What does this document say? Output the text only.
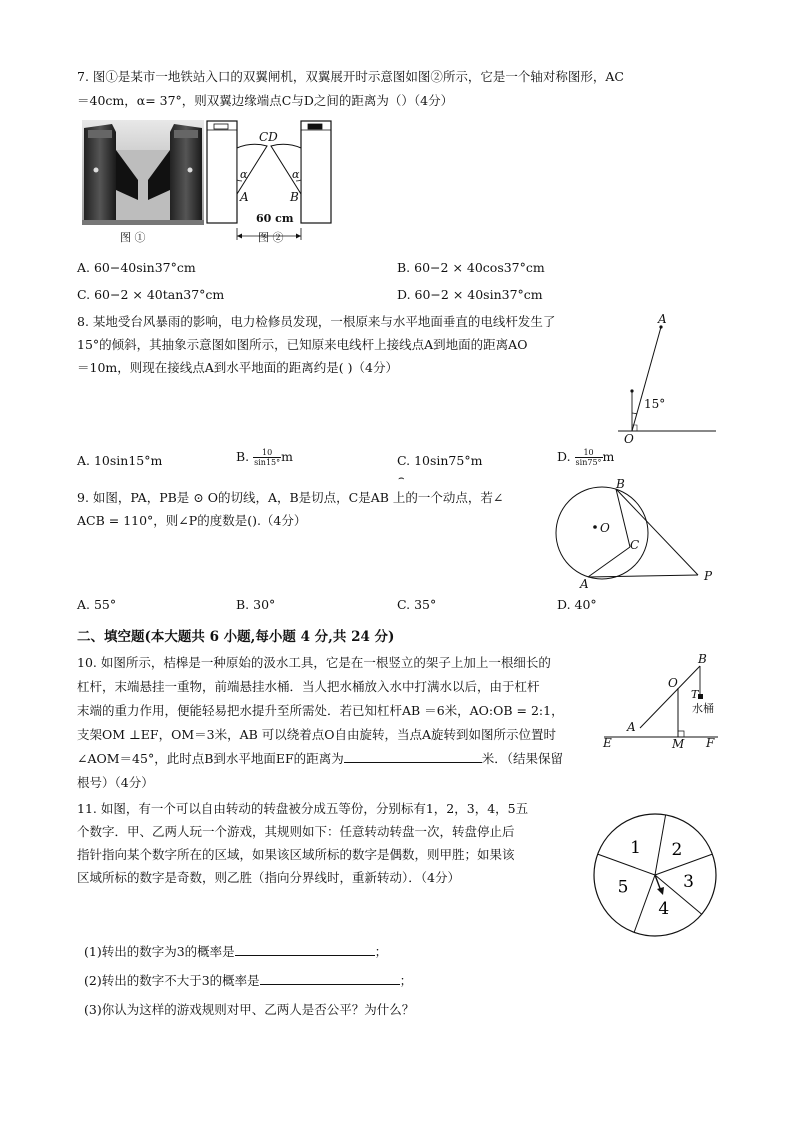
7. 图①是某市一地铁站入口的双翼闸机，双翼展开时示意图如图②所示，它是一个轴对称图形，AC
＝40cm，α= 37°，则双翼边缘端点C与D之间的距离为（）（4分）
图 ①
CD
α	α
A	B
60 cm
图 ②
A. 60−40sin⁡37°cm	B. 60−2 × 40cos⁡37°cm
C. 60−2 × 40tan⁡37°cm	D. 60−2 × 40sin⁡37°cm
8. 某地受台风暴雨的影响，电力检修员发现，一根原来与水平地面垂直的电线杆发生了
15°的倾斜，其抽象示意图如图所示，已知原来电线杆上接线点A到地面的距离AO
＝10m，则现在接线点A到水平地面的距离约是( )（4分）
A
15°
O
A. 10sin⁡15°m	B. $\frac{10}{\sin⁡15^\circ}$ m	C. 10sin⁡75°m	D. $\frac{10}{\sin⁡75^\circ}$ m
⌢
9. 如图，PA，PB是 ⊙ O的切线，A，B是切点，C是AB 上的一个动点，若∠
ACB = 110°，则∠P的度数是().（4分）
B
O
C
A
P
A. 55°	B. 30°	C. 35°	D. 40°
二、填空题(本大题共 6 小题,每小题 4 分,共 24 分)
10. 如图所示，桔槔是一种原始的汲水工具，它是在一根竖立的架子上加上一根细长的
杠杆，末端悬挂一重物，前端悬挂水桶．当人把水桶放入水中打满水以后，由于杠杆
末端的重力作用，便能轻易把水提升至所需处．若已知杠杆AB ＝6米，AO:OB = 2:1，
支架OM ⊥EF，OM＝3米，AB 可以绕着点O自由旋转，当点A旋转到如图所示位置时
∠AOM＝45°，此时点B到水平地面EF的距离为	米．（结果保留
根号）（4分）
B
O
T
水桶
A
E	M F
11. 如图，有一个可以自由转动的转盘被分成五等份，分别标有1，2，3，4，5五
个数字．甲、乙两人玩一个游戏，其规则如下：任意转动转盘一次，转盘停止后
指针指向某个数字所在的区域，如果该区域所标的数字是偶数，则甲胜；如果该
区域所标的数字是奇数，则乙胜（指向分界线时，重新转动）．（4分）
1 2
3
4
5
(1)转出的数字为3的概率是	；
(2)转出的数字不大于3的概率是	；
(3)你认为这样的游戏规则对甲、乙两人是否公平？为什么？
